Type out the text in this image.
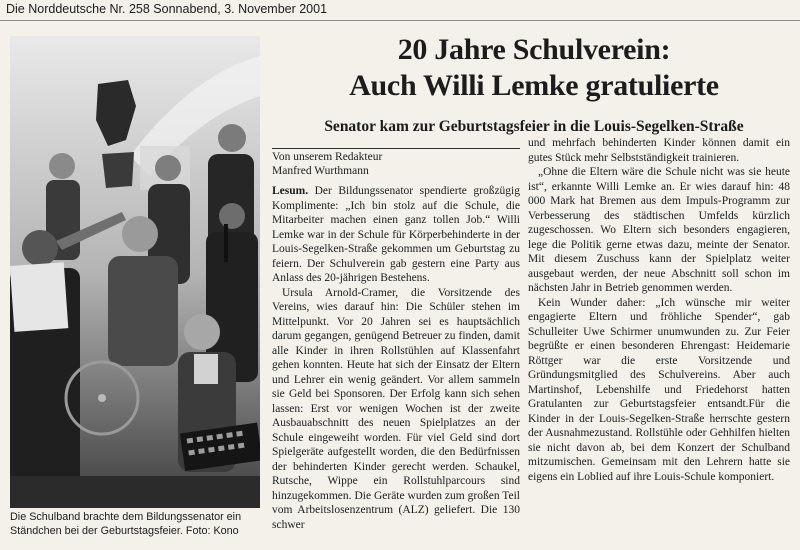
Die Norddeutsche Nr. 258 Sonnabend, 3. November 2001
Die Schulband brachte dem Bildungssenator ein Ständchen bei der Geburtstagsfeier. Foto: Kono
20 Jahre Schulverein:
Auch Willi Lemke gratulierte
Senator kam zur Geburtstagsfeier in die Louis-Segelken-Straße
Von unserem Redakteur
Manfred Wurthmann

Lesum. Der Bildungssenator spendierte großzügig Komplimente: „Ich bin stolz auf die Schule, die Mitarbeiter machen einen ganz tollen Job.“ Willi Lemke war in der Schule für Körperbehinderte in der Louis-Segelken-Straße gekommen um Geburtstag zu feiern. Der Schulverein gab gestern eine Party aus Anlass des 20-jährigen Bestehens.

Ursula Arnold-Cramer, die Vorsitzende des Vereins, wies darauf hin: Die Schüler stehen im Mittelpunkt. Vor 20 Jahren sei es hauptsächlich darum gegangen, genügend Betreuer zu finden, damit alle Kinder in ihren Rollstühlen auf Klassenfahrt gehen konnten. Heute hat sich der Einsatz der Eltern und Lehrer ein wenig geändert. Vor allem sammeln sie Geld bei Sponsoren. Der Erfolg kann sich sehen lassen: Erst vor wenigen Wochen ist der zweite Ausbauabschnitt des neuen Spielplatzes an der Schule eingeweiht worden. Für viel Geld sind dort Spielgeräte aufgestellt worden, die den Bedürfnissen der behinderten Kinder gerecht werden. Schaukel, Rutsche, Wippe ein Rollstuhlparcours sind hinzugekommen. Die Geräte wurden zum großen Teil vom Arbeitslosenzentrum (ALZ) geliefert. Die 130 schwer

und mehrfach behinderten Kinder können damit ein gutes Stück mehr Selbstständigkeit trainieren.

„Ohne die Eltern wäre die Schule nicht was sie heute ist“, erkannte Willi Lemke an. Er wies darauf hin: 48 000 Mark hat Bremen aus dem Impuls-Programm zur Verbesserung des städtischen Umfelds kürzlich zugeschossen. Wo Eltern sich besonders engagieren, lege die Politik gerne etwas dazu, meinte der Senator. Mit diesem Zuschuss kann der Spielplatz weiter ausgebaut werden, der neue Abschnitt soll schon im nächsten Jahr in Betrieb genommen werden.

Kein Wunder daher: „Ich wünsche mir weiter engagierte Eltern und fröhliche Spender“, gab Schulleiter Uwe Schirmer unumwunden zu. Zur Feier begrüßte er einen besonderen Ehrengast: Heidemarie Röttger war die erste Vorsitzende und Gründungsmitglied des Schulvereins. Aber auch Martinshof, Lebenshilfe und Friedehorst hatten Gratulanten zur Geburtstagsfeier entsandt.Für die Kinder in der Louis-Segelken-Straße herrschte gestern der Ausnahmezustand. Rollstühle oder Gehhilfen hielten sie nicht davon ab, bei dem Konzert der Schulband mitzumischen. Gemeinsam mit den Lehrern hatte sie eigens ein Loblied auf ihre Louis-Schule komponiert.
